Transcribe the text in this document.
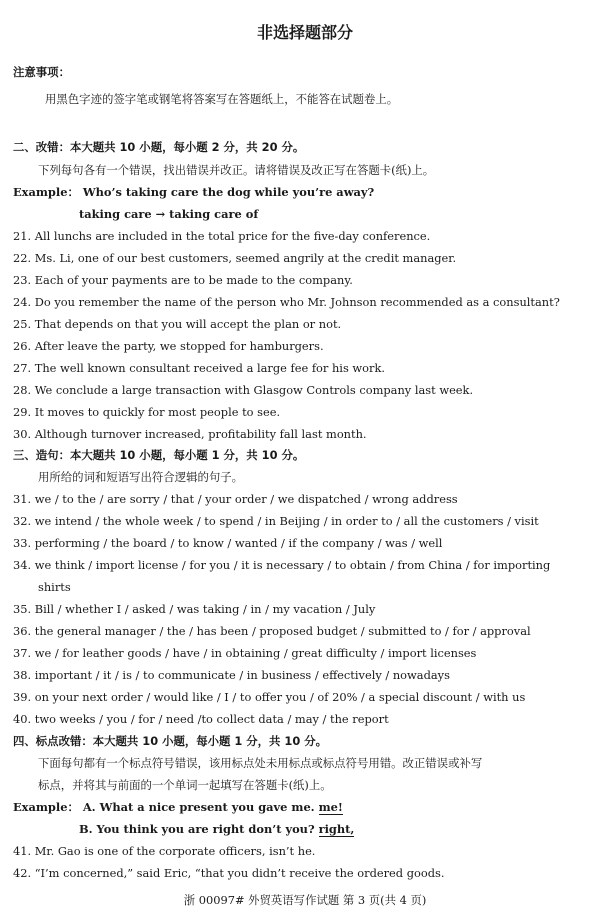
非选择题部分
注意事项：
用黑色字迹的签字笔或钢笔将答案写在答题纸上，不能答在试题卷上。
二、改错：本大题共 10 小题，每小题 2 分，共 20 分。
下列每句各有一个错误，找出错误并改正。请将错误及改正写在答题卡(纸)上。
Example： Who’s taking care the dog while you’re away?
taking care → taking care of
21. All lunchs are included in the total price for the five-day conference.
22. Ms. Li, one of our best customers, seemed angrily at the credit manager.
23. Each of your payments are to be made to the company.
24. Do you remember the name of the person who Mr. Johnson recommended as a consultant?
25. That depends on that you will accept the plan or not.
26. After leave the party, we stopped for hamburgers.
27. The well known consultant received a large fee for his work.
28. We conclude a large transaction with Glasgow Controls company last week.
29. It moves to quickly for most people to see.
30. Although turnover increased, profitability fall last month.
三、造句：本大题共 10 小题，每小题 1 分，共 10 分。
用所给的词和短语写出符合逻辑的句子。
31. we / to the / are sorry / that / your order / we dispatched / wrong address
32. we intend / the whole week / to spend / in Beijing / in order to / all the customers / visit
33. performing / the board / to know / wanted / if the company / was / well
34. we think / import license / for you / it is necessary / to obtain / from China / for importing
shirts
35. Bill / whether I / asked / was taking / in / my vacation / July
36. the general manager / the / has been / proposed budget / submitted to / for / approval
37. we / for leather goods / have / in obtaining / great difficulty / import licenses
38. important / it / is / to communicate / in business / effectively / nowadays
39. on your next order / would like / I / to offer you / of 20% / a special discount / with us
40. two weeks / you / for / need /to collect data / may / the report
四、标点改错：本大题共 10 小题，每小题 1 分，共 10 分。
下面每句都有一个标点符号错误，该用标点处未用标点或标点符号用错。改正错误或补写
标点，并将其与前面的一个单词一起填写在答题卡(纸)上。
Example： A. What a nice present you gave me. me!
B. You think you are right don’t you? right,
41. Mr. Gao is one of the corporate officers, isn’t he.
42. “I’m concerned,” said Eric, “that you didn’t receive the ordered goods.
浙 00097# 外贸英语写作试题 第 3 页(共 4 页)
